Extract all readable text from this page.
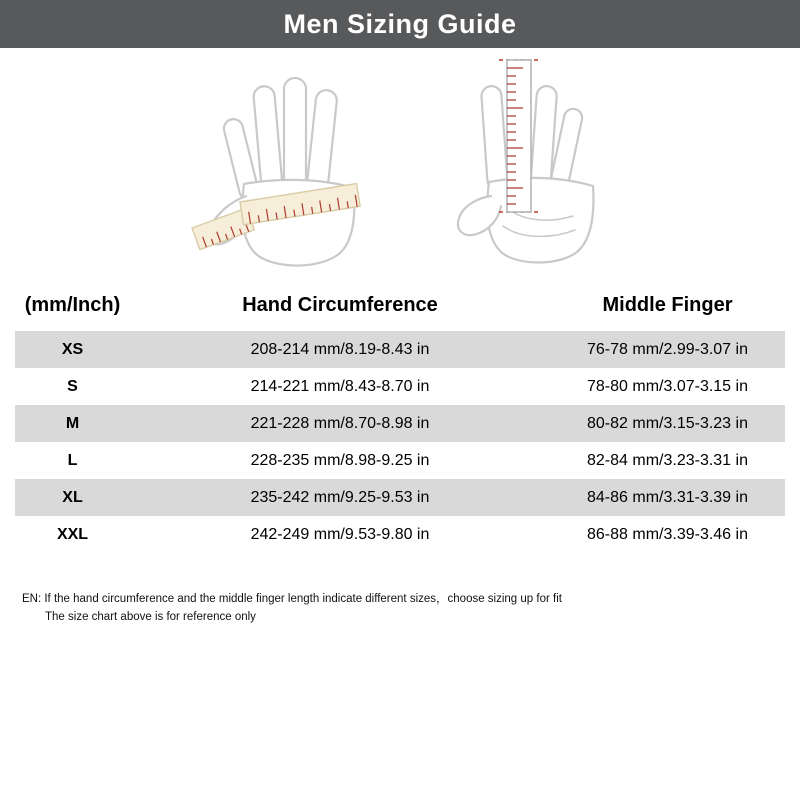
Men Sizing Guide
(mm/Inch)	Hand Circumference	Middle Finger
XS	208-214 mm/8.19-8.43 in	76-78 mm/2.99-3.07 in
S	214-221 mm/8.43-8.70 in	78-80 mm/3.07-3.15 in
M	221-228 mm/8.70-8.98 in	80-82 mm/3.15-3.23 in
L	228-235 mm/8.98-9.25 in	82-84 mm/3.23-3.31 in
XL	235-242 mm/9.25-9.53 in	84-86 mm/3.31-3.39 in
XXL	242-249 mm/9.53-9.80 in	86-88 mm/3.39-3.46 in

EN: If the hand circumference and the middle finger length indicate different sizes，choose sizing up for fit

The size chart above is for reference only
